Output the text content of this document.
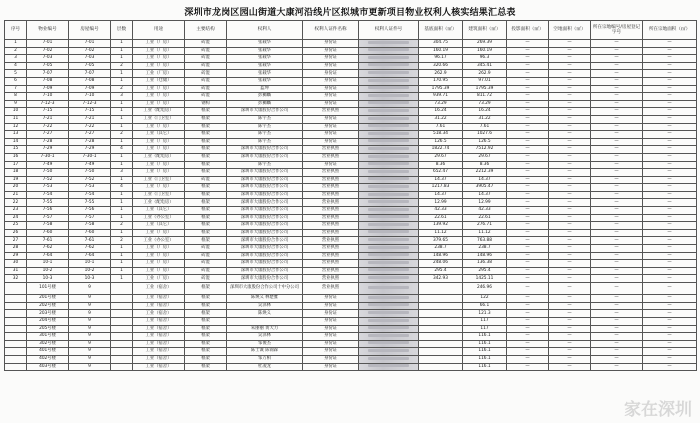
深圳市龙岗区园山街道大康河沿线片区拟城市更新项目物业权利人核实结果汇总表
序号	物业编号	房屋编号	层数	用途	主要结构	权利人	权利人证件名称	权利人证件号	基底面积（㎡）	建筑面积（㎡）	投影面积（㎡）	空地面积（㎡）	所在宗地编号/房屋登记字号	所在宗地面积（㎡）
1	7-01	7-01	1	工业（厂房）	砖混	张载华	身份证		304.75	269.39	—	—	—	—
2	7-02	7-02	1	工业（厂房）	砖混	张载华	身份证		160.19	160.19	—	—	—	—
3	7-03	7-03	1	工业（厂房）	砖混	张载华	身份证		96.17	96.3	—	—	—	—
4	7-05	7-05	2	工业（厂房）	砖混	张载华	身份证		320.66	345.41	—	—	—	—
5	7-07	7-07	1	工业（厂房）	砖混	张载华	身份证		262.9	262.9	—	—	—	—
6	7-08	7-08	1	工业（仓储）	砖混	张载华	身份证		170.95	97.01	—	—	—	—
7	7-09	7-09	2	工业（厂房）	砖混	蓝坤	身份证		1795.39	1795.39	—	—	—	—
8	7-10	7-10	3	工业（厂房）	砖混	彭狮麟	身份证		939.71	811.72	—	—	—	—
9	7-12-3	7-12-3	1	工业（厂房）	钢构	彭狮麟	身份证		73.29	73.29	—	—	—	—
10	7-15	7-15	1	工业（配电房）	框架	深圳市大康股份合作公司	营业执照		16.24	16.24	—	—	—	—
11	7-21	7-21	1	工业（门卫室）	框架	陈宇杰	身份证		31.22	31.22	—	—	—	—
12	7-22	7-22	1	工业（厂房）	框架	陈宇杰	身份证		7.61	7.61	—	—	—	—
13	7-27	7-27	2	工业（其它）	框架	陈宇杰	身份证		518.34	1027.6	—	—	—	—
14	7-28	7-28	1	工业（厂房）	框架	陈宇杰	身份证		126.5	126.5	—	—	—	—
15	7-29	7-29	4	工业（厂房）	框架	深圳市大康股份合作公司	营业执照		1822.74	7512.92	—	—	—	—
16	7-30-1	7-30-1	1	工业（配电房）	框架	深圳市大康股份合作公司	营业执照		29.67	29.67	—	—	—	—
17	7-49	7-49	1	工业（厂房）	框架	陈宇杰	身份证		8.36	8.36	—	—	—	—
18	7-50	7-50	3	工业（厂房）	框架	深圳市大康股份合作公司	营业执照		652.47	2212.39	—	—	—	—
19	7-52	7-52	1	工业（门卫室）	砖混	深圳市大康股份合作公司	营业执照		14.37	14.37	—	—	—	—
20	7-53	7-53	4	工业（厂房）	框架	深圳市大康股份合作公司	营业执照		1217.83	3905.47	—	—	—	—
21	7-54	7-54	1	工业（门卫室）	框架	深圳市大康股份合作公司	营业执照		14.37	14.37	—	—	—	—
22	7-55	7-55	1	工业（配电房）	框架	深圳市大康股份合作公司	营业执照		12.99	12.99	—	—	—	—
23	7-56	7-56	1	工业（其它）	框架	深圳市大康股份合作公司	营业执照		42.33	42.33	—	—	—	—
24	7-57	7-57	1	工业（办公室）	框架	深圳市大康股份合作公司	营业执照		22.61	22.61	—	—	—	—
25	7-58	7-58	2	工业（其它）	框架	深圳市大康股份合作公司	营业执照		139.92	276.71	—	—	—	—
26	7-60	7-60	1	工业（厂房）	框架	深圳市大康股份合作公司	营业执照		11.12	11.12	—	—	—	—
27	7-61	7-61	2	工业（办公室）	框架	深圳市大康股份合作公司	营业执照		379.65	763.88	—	—	—	—
28	7-62	7-62	1	工业（厂房）	砖混	深圳市大康股份合作公司	营业执照		238.7	238.7	—	—	—	—
29	7-64	7-64	1	工业（厂房）	砖混	深圳市大康股份合作公司	营业执照		148.96	148.96	—	—	—	—
30	10-1	10-1	1	工业（厂房）	砖混	深圳市大康股份合作公司	营业执照		248.06	136.38	—	—	—	—
31	10-2	10-2	1	工业（厂房）	砖混	深圳市大康股份合作公司	营业执照		295.4	295.4	—	—	—	—
32	10-3	10-3	1	工业（厂房）	砖混	深圳市大康股份合作公司	营业执照		342.93	1425.11	—	—	—	—
	101号楼	9		工业（宿舍）	框架	深圳市大康股份合作公司十中分公司	营业执照			246.96	—	—	—	—
	201号楼	9		工业（宿舍）	框架	陈焕义 林楚雅	身份证			122	—	—	—	—
	202号楼	9		工业（宿舍）	框架	吴泽林	身份证			66.1	—	—	—	—
	203号楼	9		工业（宿舍）	框架	陈焕义	身份证			121.3	—	—	—	—
	204号楼	9		工业（宿舍）	框架		身份证			117	—	—	—	—
	205号楼	9		工业（宿舍）	框架	朱丽丽 黄大力	身份证			117	—	—	—	—
	301号楼	9		工业（宿舍）	框架	吴泽林	身份证			116.1	—	—	—	—
	302号楼	9		工业（宿舍）	框架	邹俊杰	身份证			116.1	—	—	—	—
	401号楼	9		工业（宿舍）	框架	陈士诚 陈锦森	身份证			116.1	—	—	—	—
	402号楼	9		工业（宿舍）	框架	邹万相	身份证			116.1	—	—	—	—
	403号楼	9		工业（宿舍）	框架	杜凌龙	身份证			116.1	—	—	—	—
家在深圳
